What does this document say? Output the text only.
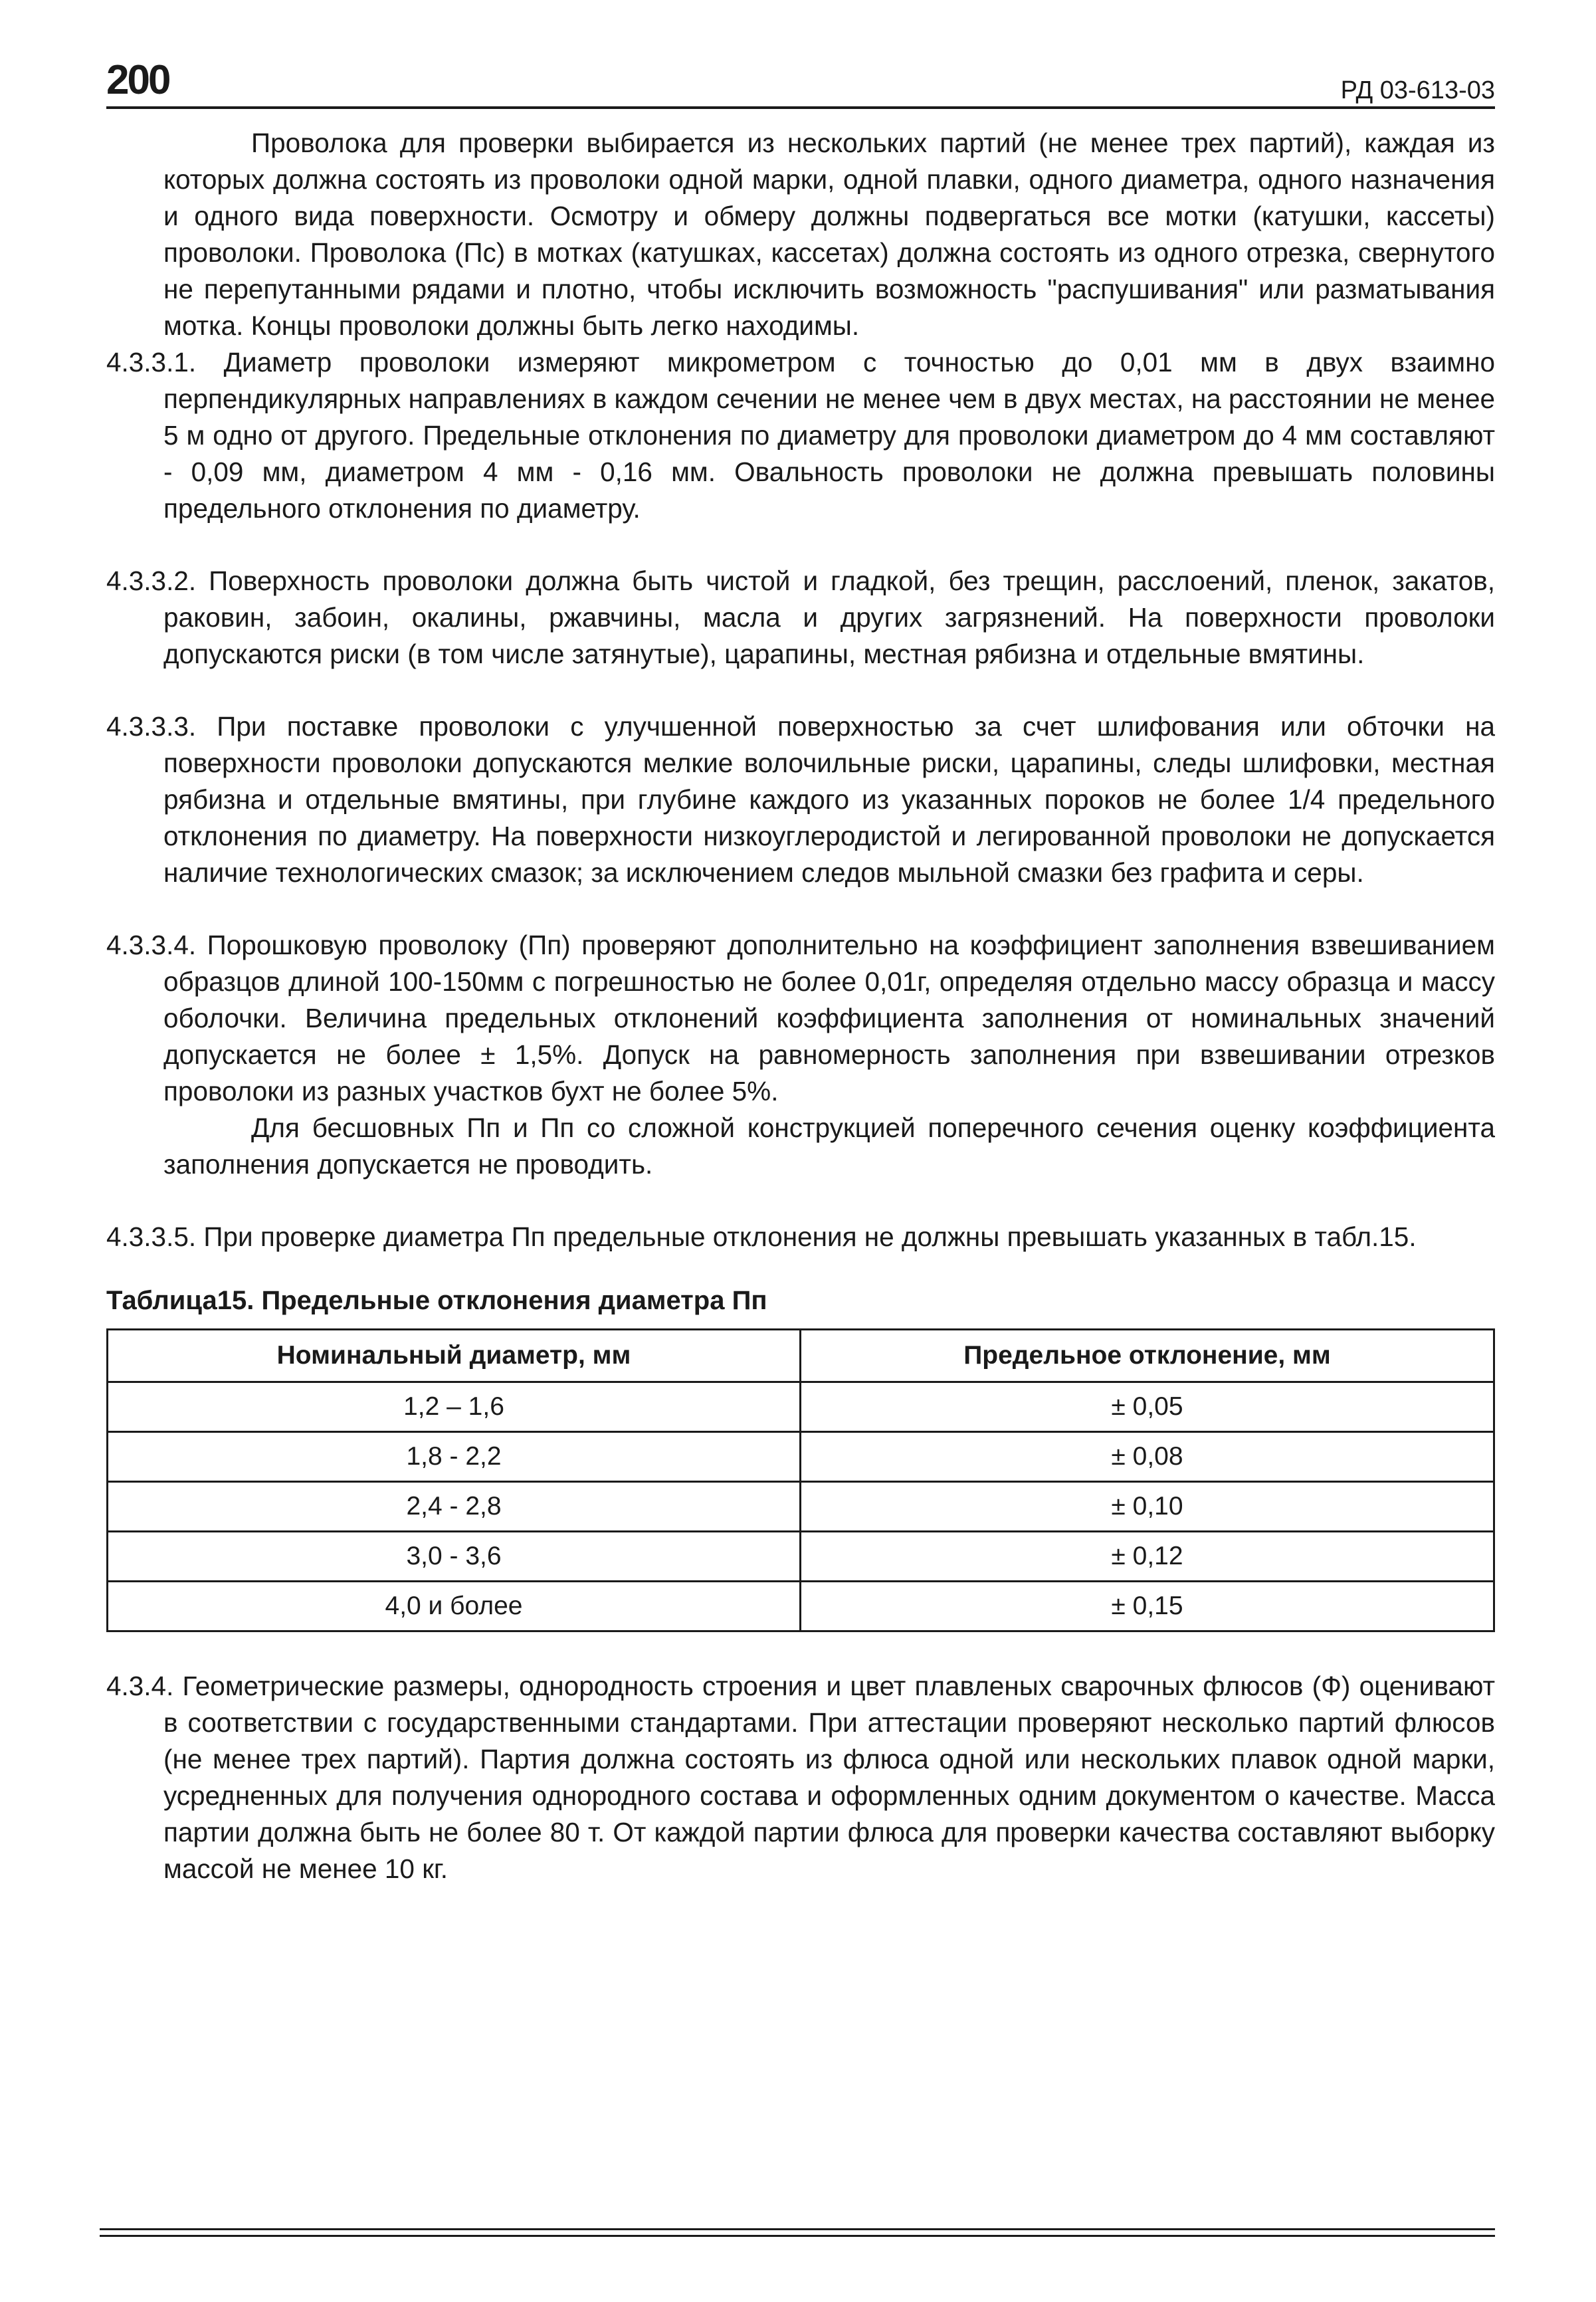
200	РД 03-613-03

Проволока для проверки выбирается из нескольких партий (не менее трех партий), каждая из которых должна состоять из проволоки одной марки, одной плавки, одного диаметра, одного назначения и одного вида поверхности. Осмотру и обмеру должны подвергаться все мотки (катушки, кассеты) проволоки. Проволока (Пс) в мотках (катушках, кассетах) должна состоять из одного отрезка, свернутого не перепутанными рядами и плотно, чтобы исключить возможность "распушивания" или разматывания мотка. Концы проволоки должны быть легко находимы.

4.3.3.1. Диаметр проволоки измеряют микрометром с точностью до 0,01 мм в двух взаимно перпендикулярных направлениях в каждом сечении не менее чем в двух местах, на расстоянии не менее 5 м одно от другого. Предельные отклонения по диаметру для проволоки диаметром до 4 мм составляют - 0,09 мм, диаметром 4 мм - 0,16 мм. Овальность проволоки не должна превышать половины предельного отклонения по диаметру.

4.3.3.2. Поверхность проволоки должна быть чистой и гладкой, без трещин, расслоений, пленок, закатов, раковин, забоин, окалины, ржавчины, масла и других загрязнений. На поверхности проволоки допускаются риски (в том числе затянутые), царапины, местная рябизна и отдельные вмятины.

4.3.3.3. При поставке проволоки с улучшенной поверхностью за счет шлифования или обточки на поверхности проволоки допускаются мелкие волочильные риски, царапины, следы шлифовки, местная рябизна и отдельные вмятины, при глубине каждого из указанных пороков не более 1/4 предельного отклонения по диаметру. На поверхности низкоуглеродистой и легированной проволоки не допускается наличие технологических смазок; за исключением следов мыльной смазки без графита и серы.

4.3.3.4. Порошковую проволоку (Пп) проверяют дополнительно на коэффициент заполнения взвешиванием образцов длиной 100-150мм с погрешностью не более 0,01г, определяя отдельно массу образца и массу оболочки. Величина предельных отклонений коэффициента заполнения от номинальных значений допускается не более ± 1,5%. Допуск на равномерность заполнения при взвешивании отрезков проволоки из разных участков бухт не более 5%.

Для бесшовных Пп и Пп со сложной конструкцией поперечного сечения оценку коэффициента заполнения допускается не проводить.

4.3.3.5. При проверке диаметра Пп предельные отклонения не должны превышать указанных в табл.15.

Таблица15. Предельные отклонения диаметра Пп
Номинальный диаметр, мм	Предельное отклонение, мм
1,2 – 1,6	± 0,05
1,8 - 2,2	± 0,08
2,4 - 2,8	± 0,10
3,0 - 3,6	± 0,12
4,0 и более	± 0,15

4.3.4. Геометрические размеры, однородность строения и цвет плавленых сварочных флюсов (Ф) оценивают в соответствии с государственными стандартами. При аттестации проверяют несколько партий флюсов (не менее трех партий). Партия должна состоять из флюса одной или нескольких плавок одной марки, усредненных для получения однородного состава и оформленных одним документом о качестве. Масса партии должна быть не более 80 т. От каждой партии флюса для проверки качества составляют выборку массой не менее 10 кг.
